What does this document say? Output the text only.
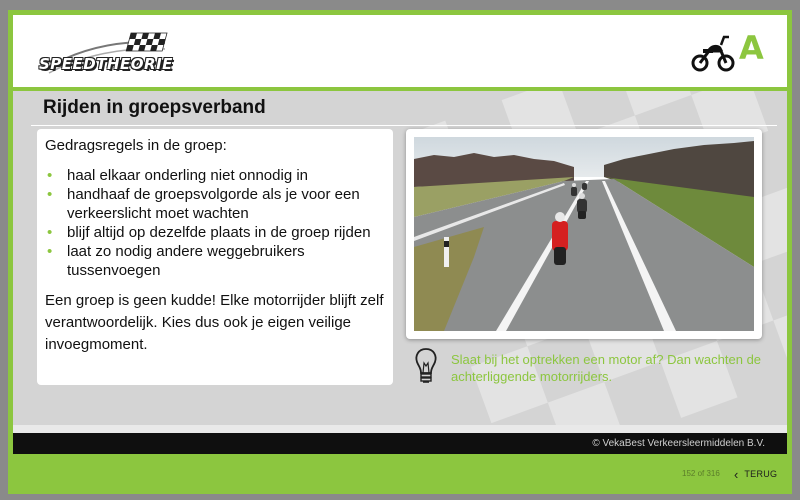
SPEEDTHEORIE	A
Rijden in groepsverband
Gedragsregels in de groep:
• haal elkaar onderling niet onnodig in
• handhaaf de groepsvolgorde als je voor een verkeerslicht moet wachten
• blijf altijd op dezelfde plaats in de groep rijden
• laat zo nodig andere weggebruikers tussenvoegen
Een groep is geen kudde! Elke motorrijder blijft zelf verantwoordelijk. Kies dus ook je eigen veilige invoegmoment.
Slaat bij het optrekken een motor af? Dan wachten de achterliggende motorrijders.
© VekaBest Verkeersleermiddelen B.V.
152 of 316 ‹ TERUG
